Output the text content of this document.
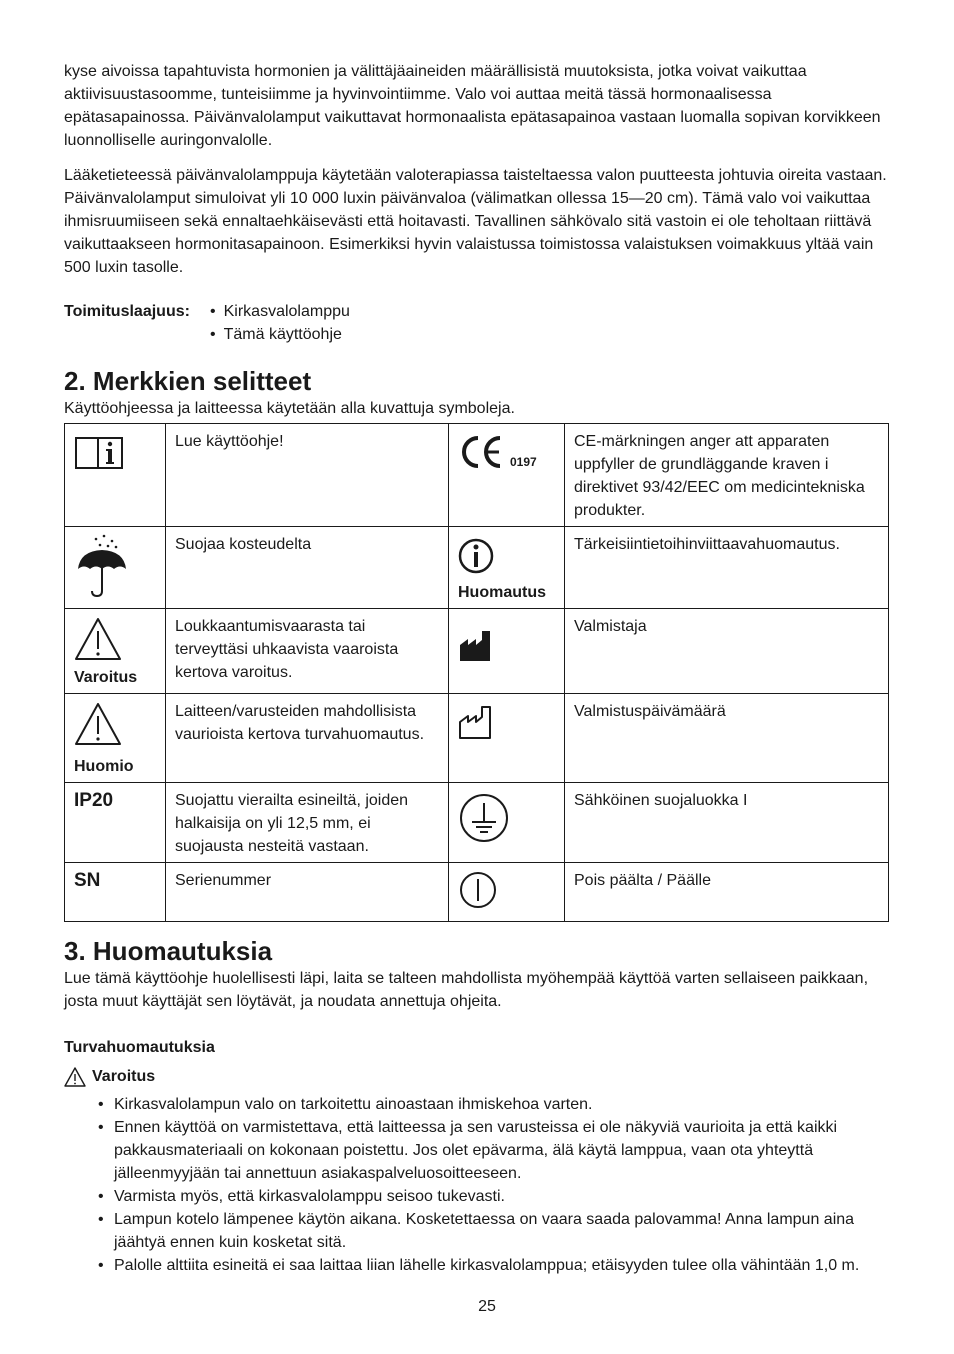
kyse aivoissa tapahtuvista hormonien ja välittäjäaineiden määrällisistä muutoksista, jotka voivat vaikuttaa aktiivisuustasoomme, tunteisiimme ja hyvinvointiimme. Valo voi auttaa meitä tässä hormonaalisessa epätasapainossa. Päivänvalolamput vaikuttavat hormonaalista epätasapainoa vastaan luomalla sopivan korvikkeen luonnolliselle auringonvalolle.

Lääketieteessä päivänvalolamppuja käytetään valoterapiassa taisteltaessa valon puutteesta johtuvia oireita vastaan. Päivänvalolamput simuloivat yli 10 000 luxin päivänvaloa (välimatkan ollessa 15—20 cm). Tämä valo voi vaikuttaa ihmisruumiiseen sekä ennaltaehkäisevästi että hoitavasti. Tavallinen sähkövalo sitä vastoin ei ole teholtaan riittävä vaikuttaakseen hormonitasapainoon. Esimerkiksi hyvin valaistussa toimistossa valaistuksen voimakkuus yltää vain 500 luxin tasolle.

Toimituslaajuus:	• Kirkasvalolamppu
• Tämä käyttöohje
2. Merkkien selitteet
Käyttöohjeessa ja laitteessa käytetään alla kuvattuja symboleja.
	Lue käyttöohje!	0197	CE-märkningen anger att apparaten uppfyller de grundläggande kraven i direktivet 93/42/EEC om medicintekniska produkter.
	Suojaa kosteudelta	Huomautus	Tärkeisiintietoihinviittaavahuomautus.

Varoitus	Loukkaantumisvaarasta tai terveyttäsi uhkaavista vaaroista kertova varoitus.		Valmistaja

Huomio	Laitteen/varusteiden mahdollisista vaurioista kertova turvahuomautus.		Valmistuspäivämäärä
IP20	Suojattu vierailta esineiltä, joiden halkaisija on yli 12,5 mm, ei suojausta nesteitä vastaan.		Sähköinen suojaluokka I
SN	Serienummer		Pois päälta / Päälle
3. Huomautuksia
Lue tämä käyttöohje huolellisesti läpi, laita se talteen mahdollista myöhempää käyttöä varten sellaiseen paikkaan, josta muut käyttäjät sen löytävät, ja noudata annettuja ohjeita.
Turvahuomautuksia
Varoitus
• Kirkasvalolampun valo on tarkoitettu ainoastaan ihmiskehoa varten.
• Ennen käyttöä on varmistettava, että laitteessa ja sen varusteissa ei ole näkyviä vaurioita ja että kaikki pakkausmateriaali on kokonaan poistettu. Jos olet epävarma, älä käytä lamppua, vaan ota yhteyttä jälleenmyyjään tai annettuun asiakaspalveluosoitteeseen.
• Varmista myös, että kirkasvalolamppu seisoo tukevasti.
• Lampun kotelo lämpenee käytön aikana. Kosketettaessa on vaara saada palovamma! Anna lampun aina jäähtyä ennen kuin kosketat sitä.
• Palolle alttiita esineitä ei saa laittaa liian lähelle kirkasvalolamppua; etäisyyden tulee olla vähintään 1,0 m.
25
